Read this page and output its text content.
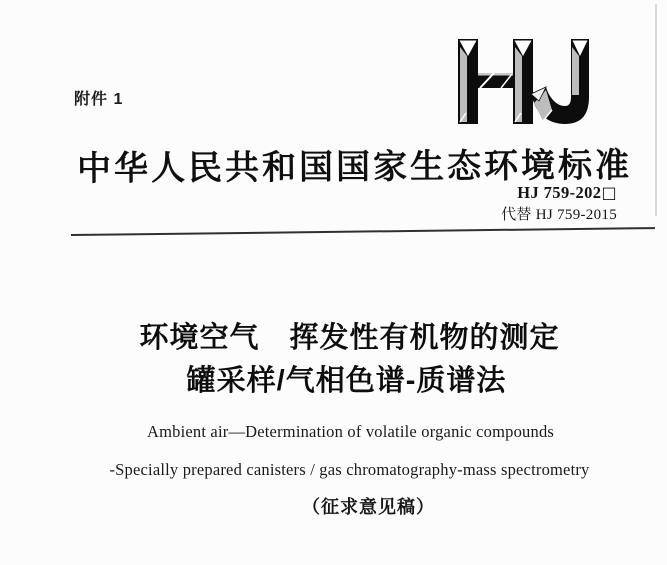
附件 1
中华人民共和国国家生态环境标准
HJ 759-202□
代替 HJ 759-2015
环境空气　挥发性有机物的测定
罐采样/气相色谱-质谱法
Ambient air—Determination of volatile organic compounds
-Specially prepared canisters / gas chromatography-mass spectrometry
（征求意见稿）
